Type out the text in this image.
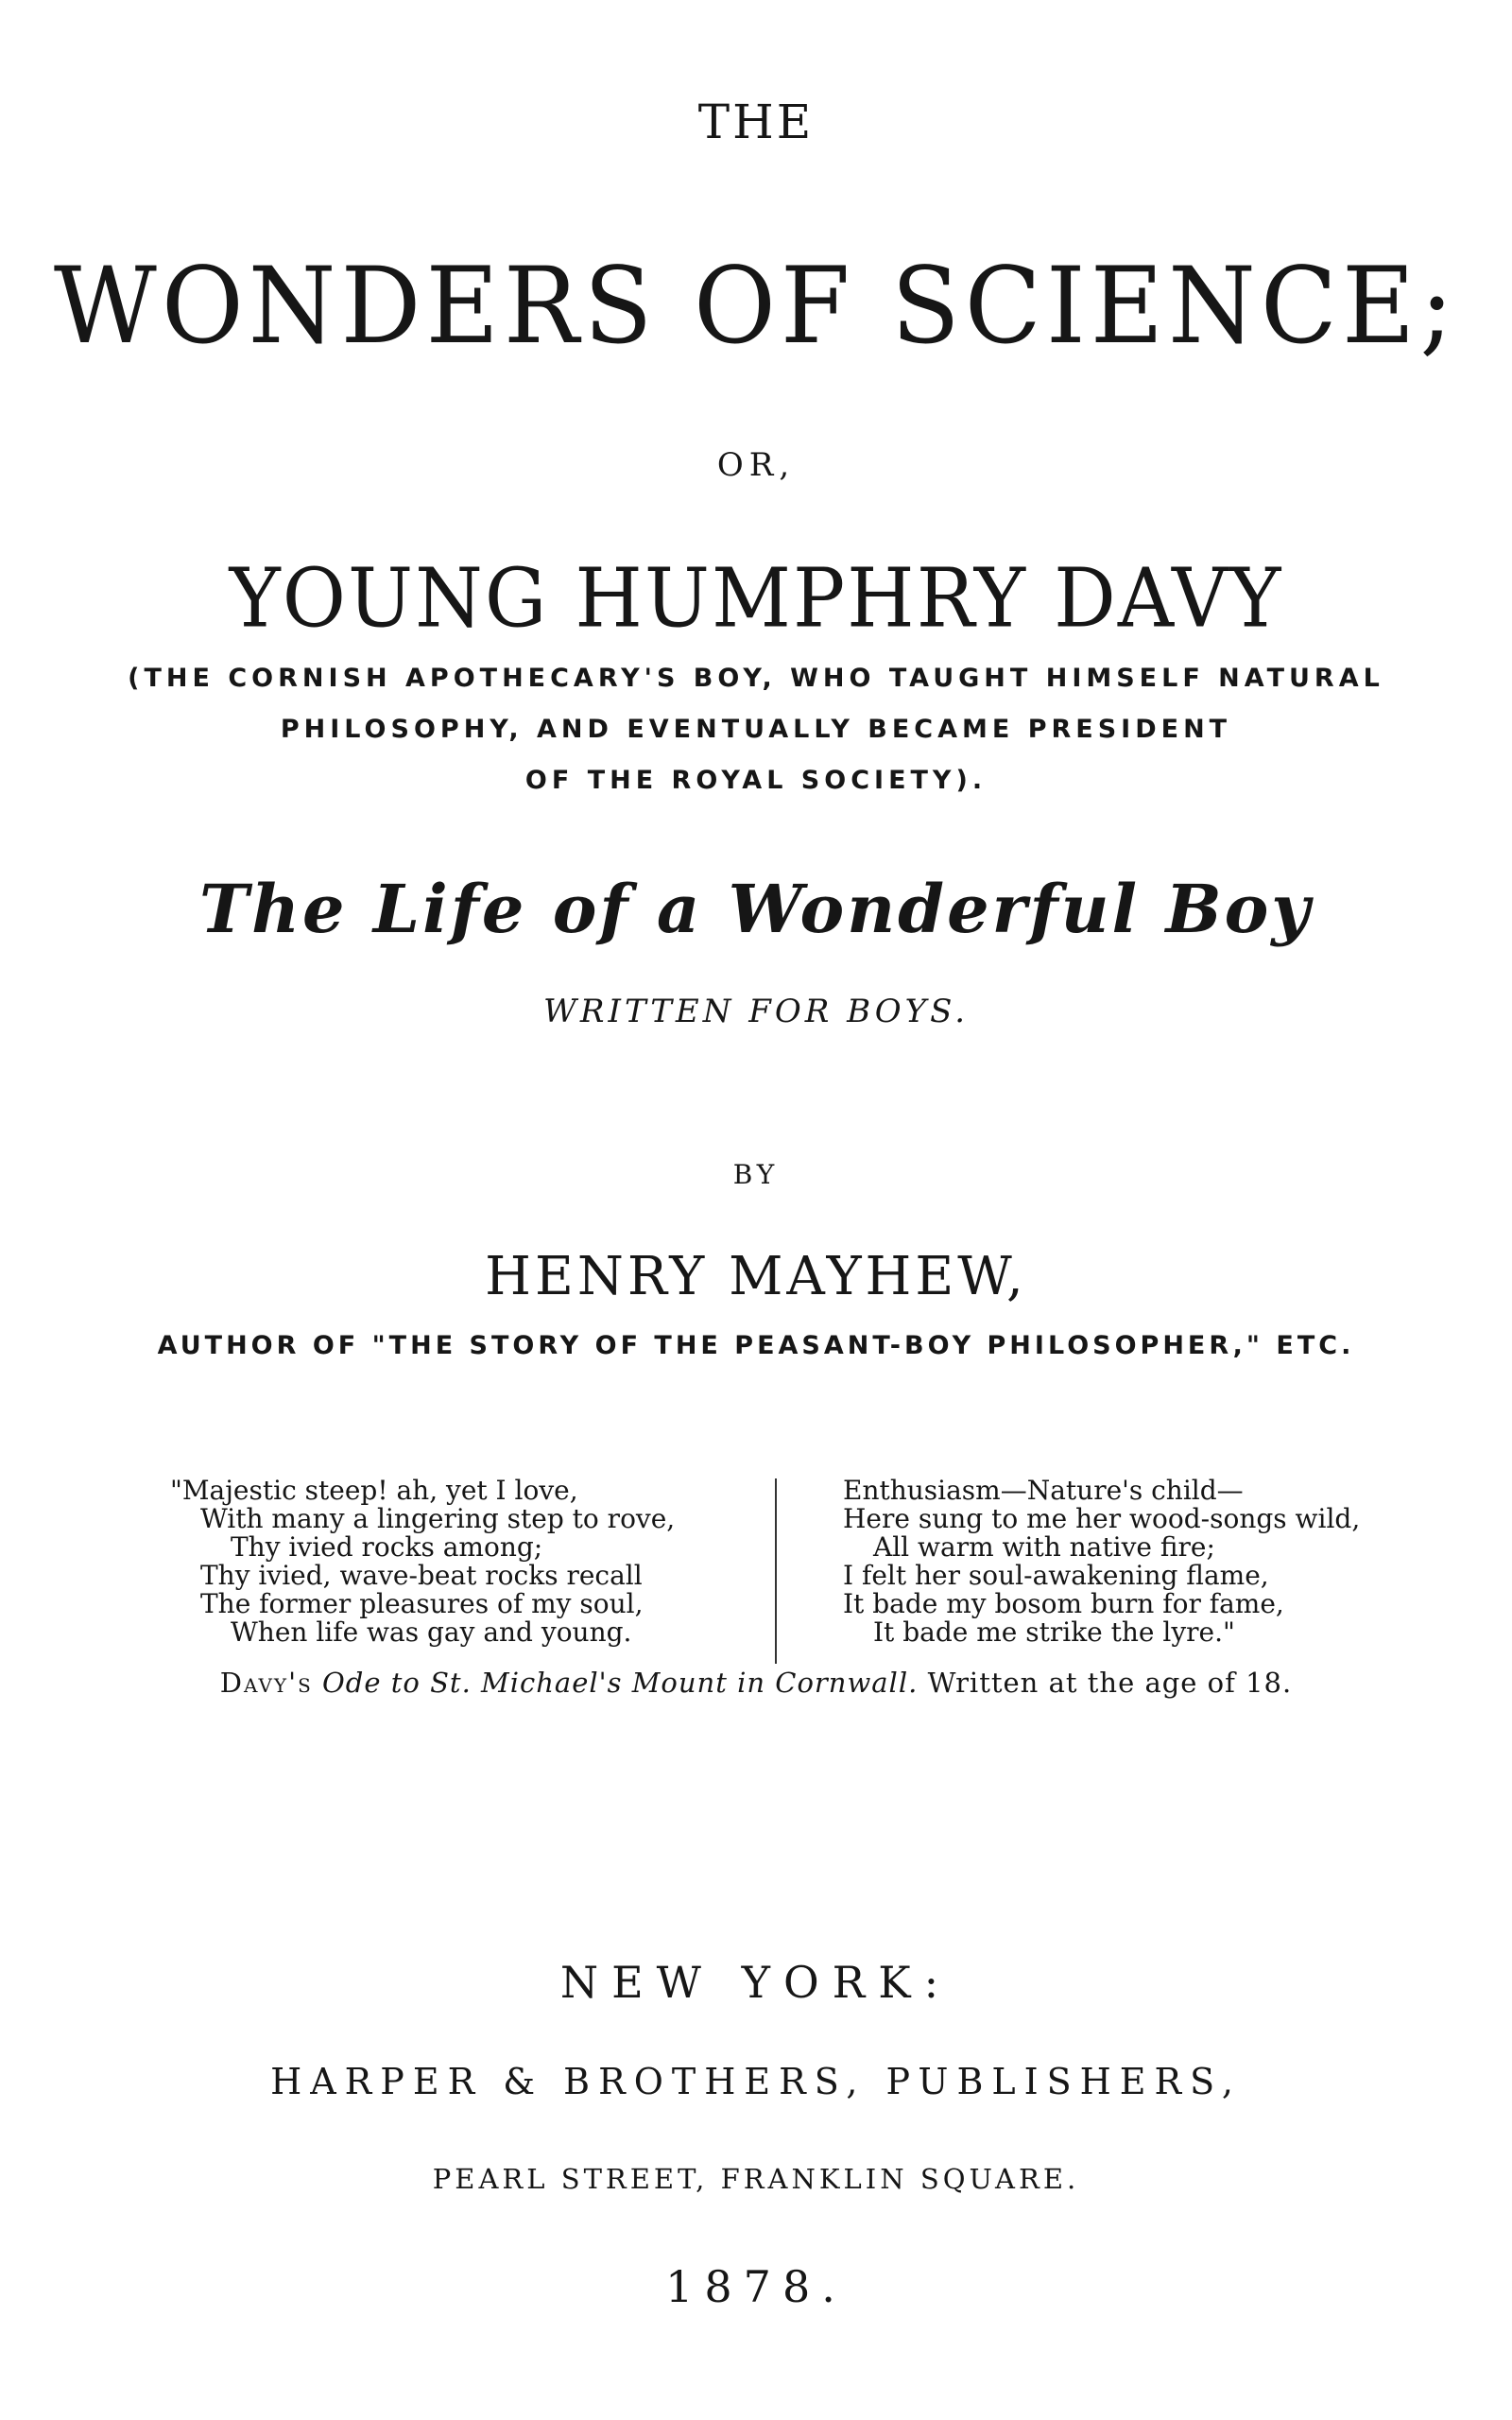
THE
WONDERS OF SCIENCE;
OR,
YOUNG HUMPHRY DAVY
(THE CORNISH APOTHECARY'S BOY, WHO TAUGHT HIMSELF NATURAL
PHILOSOPHY, AND EVENTUALLY BECAME PRESIDENT
OF THE ROYAL SOCIETY).
The Life of a Wonderful Boy
WRITTEN FOR BOYS.
BY
HENRY MAYHEW,
AUTHOR OF "THE STORY OF THE PEASANT-BOY PHILOSOPHER," ETC.
"Majestic steep! ah, yet I love,
With many a lingering step to rove,
Thy ivied rocks among;
Thy ivied, wave-beat rocks recall
The former pleasures of my soul,
When life was gay and young.
Enthusiasm—Nature's child—
Here sung to me her wood-songs wild,
All warm with native fire;
I felt her soul-awakening flame,
It bade my bosom burn for fame,
It bade me strike the lyre."
Davy's Ode to St. Michael's Mount in Cornwall. Written at the age of 18.
NEW YORK:
HARPER & BROTHERS, PUBLISHERS,
PEARL STREET, FRANKLIN SQUARE.
1878.
